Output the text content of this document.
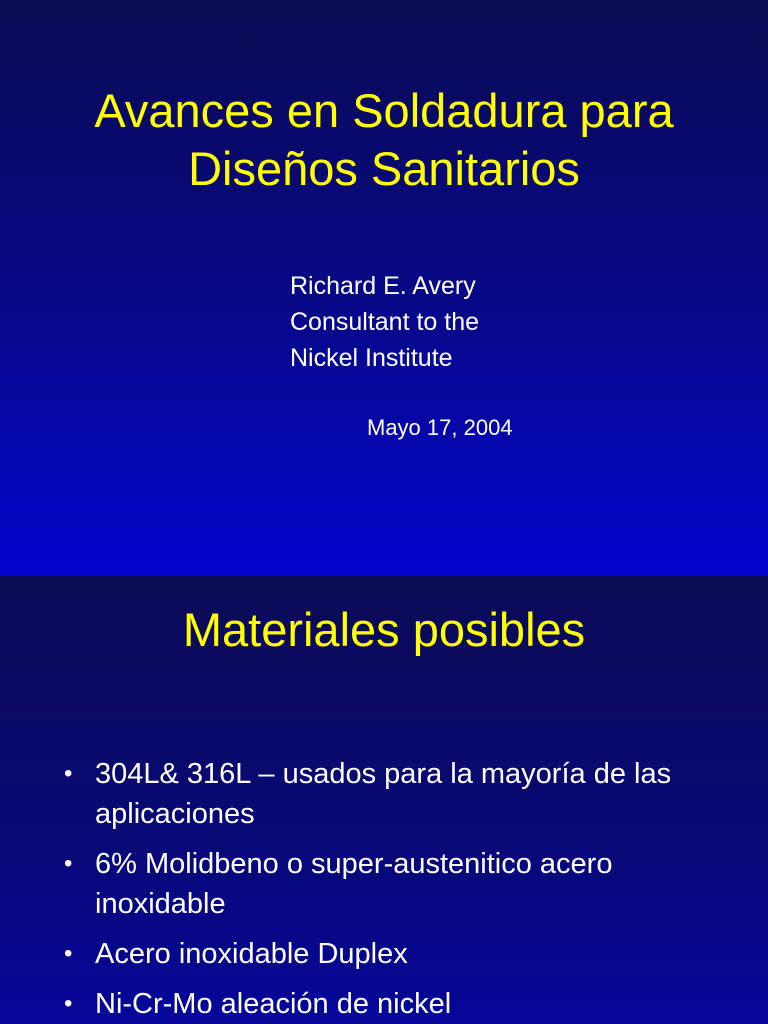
Avances en Soldadura para
Diseños Sanitarios
Richard E. Avery
Consultant to the
Nickel Institute
Mayo 17, 2004
Materiales posibles
• 304L& 316L – usados para la mayoría de las aplicaciones
• 6% Molidbeno o super-austenitico acero inoxidable
• Acero inoxidable Duplex
• Ni-Cr-Mo aleación de nickel
